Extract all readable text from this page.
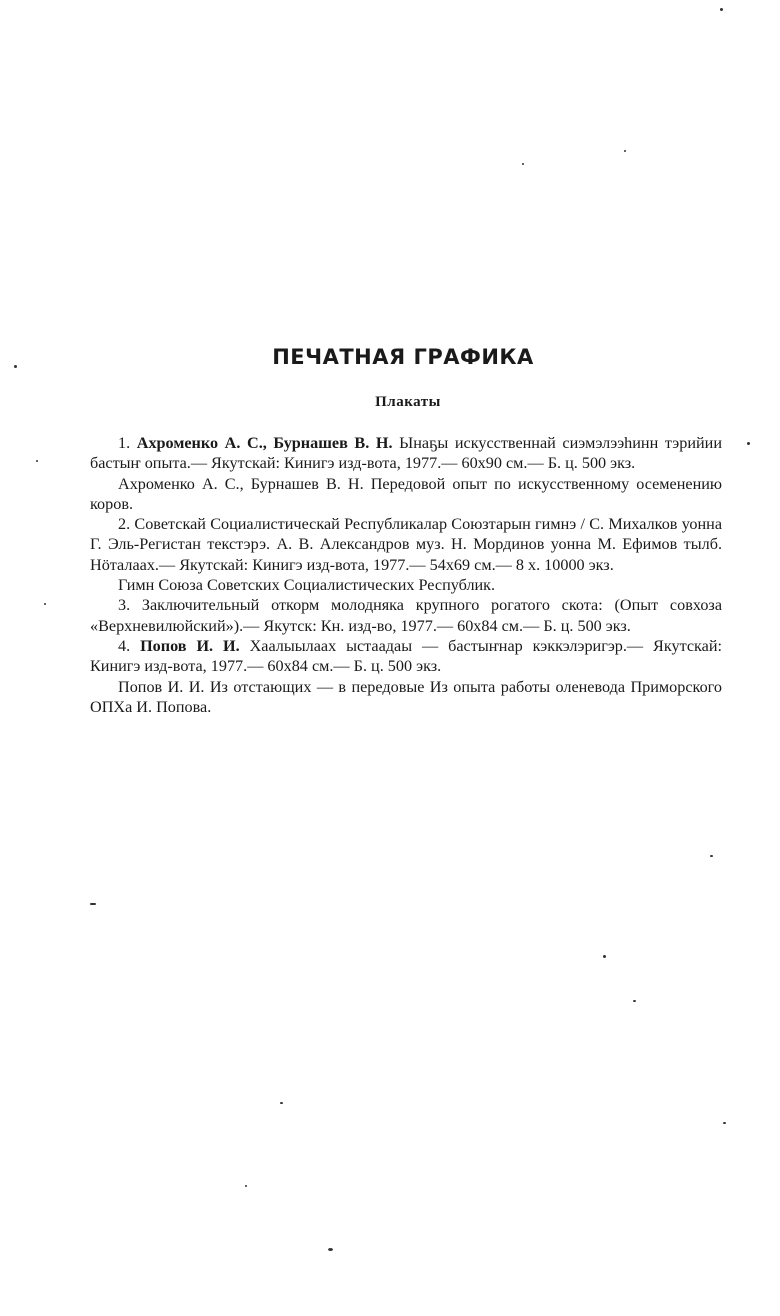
ПЕЧАТНАЯ ГРАФИКА
Плакаты

1. Ахроменко А. С., Бурнашев В. Н. Ынаҕы искусственнай сиэмэлээһинн тэрийии бастыҥ опыта.— Якутскай: Кинигэ изд-вота, 1977.— 60x90 см.— Б. ц. 500 экз.

Ахроменко А. С., Бурнашев В. Н. Передовой опыт по искусственному осеменению коров.

2. Советскай Социалистическай Республикалар Союзтарын гимнэ / С. Михалков уонна Г. Эль-Регистан текстэрэ. А. В. Александров муз. Н. Мординов уонна М. Ефимов тылб. Нöталаах.— Якутскай: Кинигэ изд-вота, 1977.— 54x69 см.— 8 х. 10000 экз.

Гимн Союза Советских Социалистических Республик.

3. Заключительный откорм молодняка крупного рогатого скота: (Опыт совхоза «Верхневилюйский»).— Якутск: Кн. изд-во, 1977.— 60x84 см.— Б. ц. 500 экз.

4. Попов И. И. Хаалыылаах ыстаадаы — бастыҥнар кэккэлэригэр.— Якутскай: Кинигэ изд-вота, 1977.— 60x84 см.— Б. ц. 500 экз.

Попов И. И. Из отстающих — в передовые Из опыта работы оленевода Приморского ОПХа И. Попова.
